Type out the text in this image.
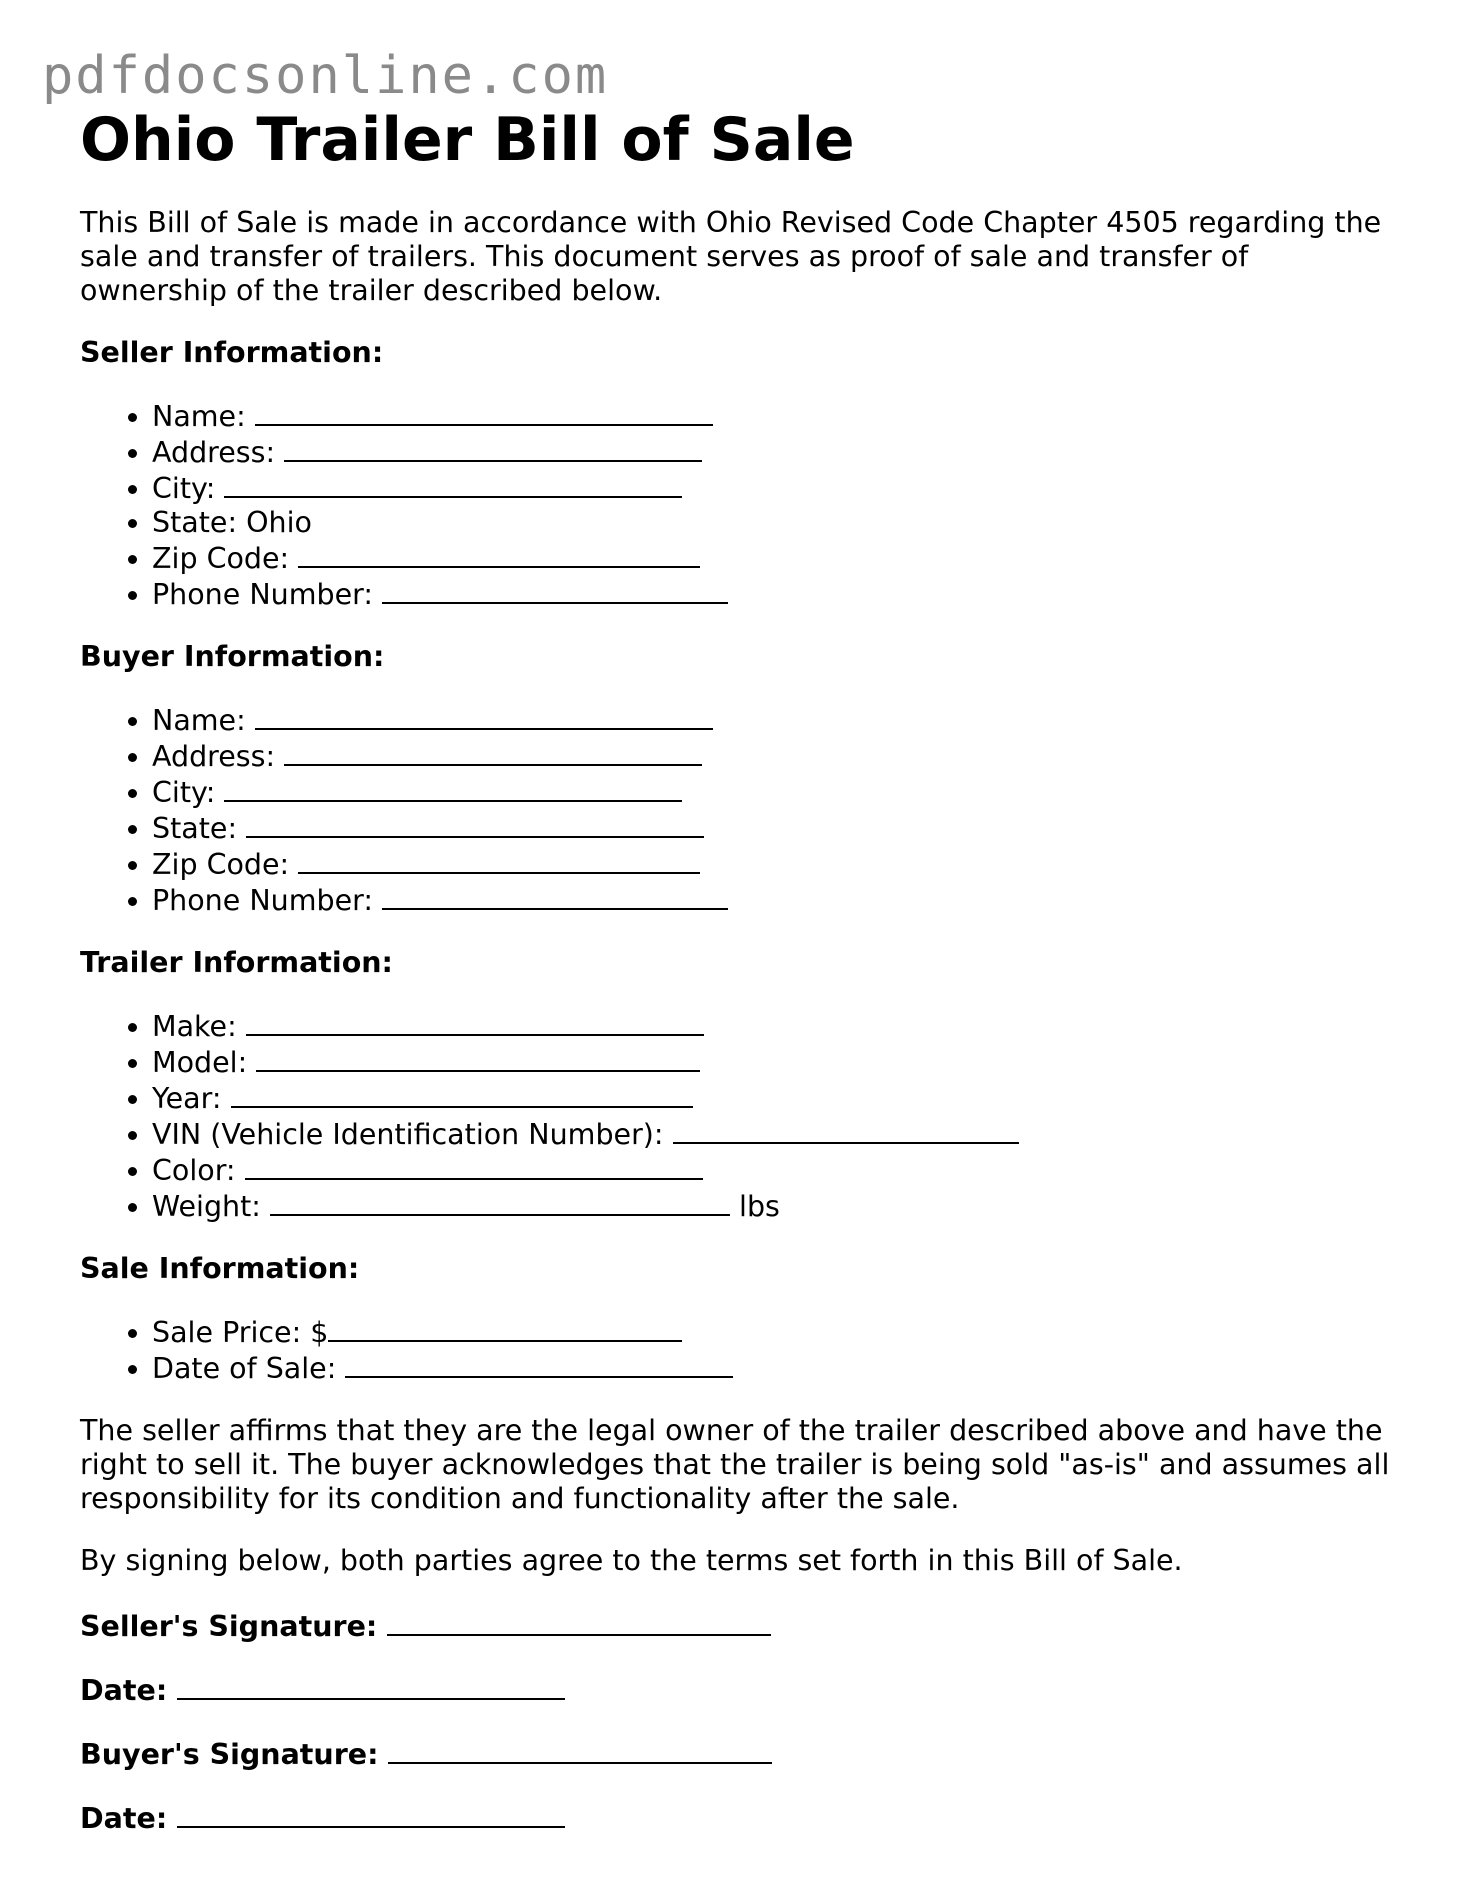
pdfdocsonline.com
Ohio Trailer Bill of Sale

This Bill of Sale is made in accordance with Ohio Revised Code Chapter 4505 regarding the sale and transfer of trailers. This document serves as proof of sale and transfer of ownership of the trailer described below.

Seller Information:
• Name:
• Address:
• City:
• State: Ohio
• Zip Code:
• Phone Number:
Buyer Information:
• Name:
• Address:
• City:
• State:
• Zip Code:
• Phone Number:
Trailer Information:
• Make:
• Model:
• Year:
• VIN (Vehicle Identification Number):
• Color:
• Weight:	lbs
Sale Information:
• Sale Price: $
• Date of Sale:

The seller affirms that they are the legal owner of the trailer described above and have the right to sell it. The buyer acknowledges that the trailer is being sold "as-is" and assumes all responsibility for its condition and functionality after the sale.

By signing below, both parties agree to the terms set forth in this Bill of Sale.

Seller's Signature:
Date:
Buyer's Signature:
Date:
